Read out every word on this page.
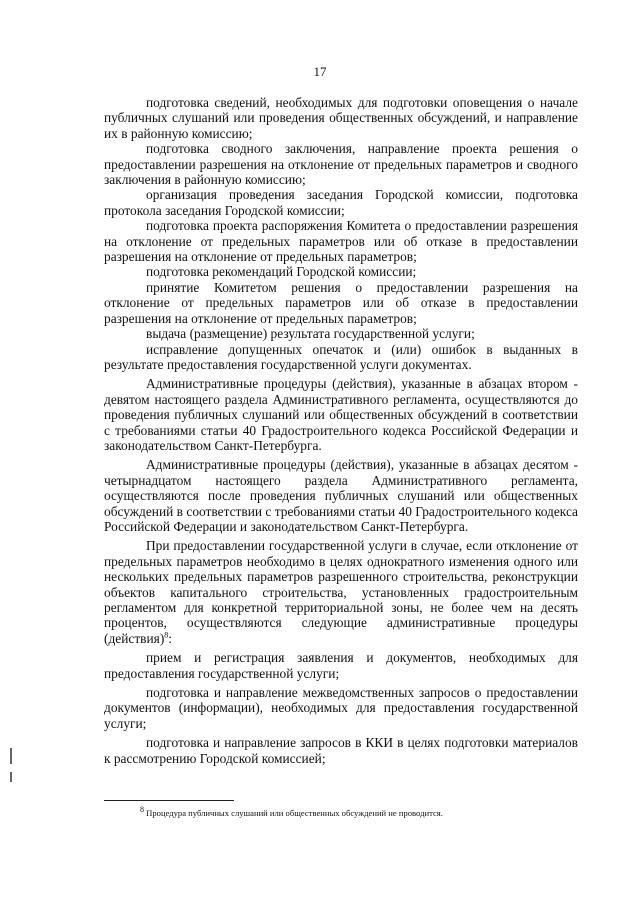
17

подготовка сведений, необходимых для подготовки оповещения о начале публичных слушаний или проведения общественных обсуждений, и направление их в районную комиссию;

подготовка сводного заключения, направление проекта решения о предоставлении разрешения на отклонение от предельных параметров и сводного заключения в районную комиссию;

организация проведения заседания Городской комиссии, подготовка протокола заседания Городской комиссии;

подготовка проекта распоряжения Комитета о предоставлении разрешения на отклонение от предельных параметров или об отказе в предоставлении разрешения на отклонение от предельных параметров;

подготовка рекомендаций Городской комиссии;

принятие Комитетом решения о предоставлении разрешения на отклонение от предельных параметров или об отказе в предоставлении разрешения на отклонение от предельных параметров;

выдача (размещение) результата государственной услуги;

исправление допущенных опечаток и (или) ошибок в выданных в результате предоставления государственной услуги документах.

Административные процедуры (действия), указанные в абзацах втором - девятом настоящего раздела Административного регламента, осуществляются до проведения публичных слушаний или общественных обсуждений в соответствии с требованиями статьи 40 Градостроительного кодекса Российской Федерации и законодательством Санкт-Петербурга.

Административные процедуры (действия), указанные в абзацах десятом - четырнадцатом настоящего раздела Административного регламента, осуществляются после проведения публичных слушаний или общественных обсуждений в соответствии с требованиями статьи 40 Градостроительного кодекса Российской Федерации и законодательством Санкт-Петербурга.

При предоставлении государственной услуги в случае, если отклонение от предельных параметров необходимо в целях однократного изменения одного или нескольких предельных параметров разрешенного строительства, реконструкции объектов капитального строительства, установленных градостроительным регламентом для конкретной территориальной зоны, не более чем на десять процентов, осуществляются следующие административные процедуры (действия)$^8$:

прием и регистрация заявления и документов, необходимых для предоставления государственной услуги;

подготовка и направление межведомственных запросов о предоставлении документов (информации), необходимых для предоставления государственной услуги;

подготовка и направление запросов в ККИ в целях подготовки материалов к рассмотрению Городской комиссией;

$^8$ Процедура публичных слушаний или общественных обсуждений не проводится.
